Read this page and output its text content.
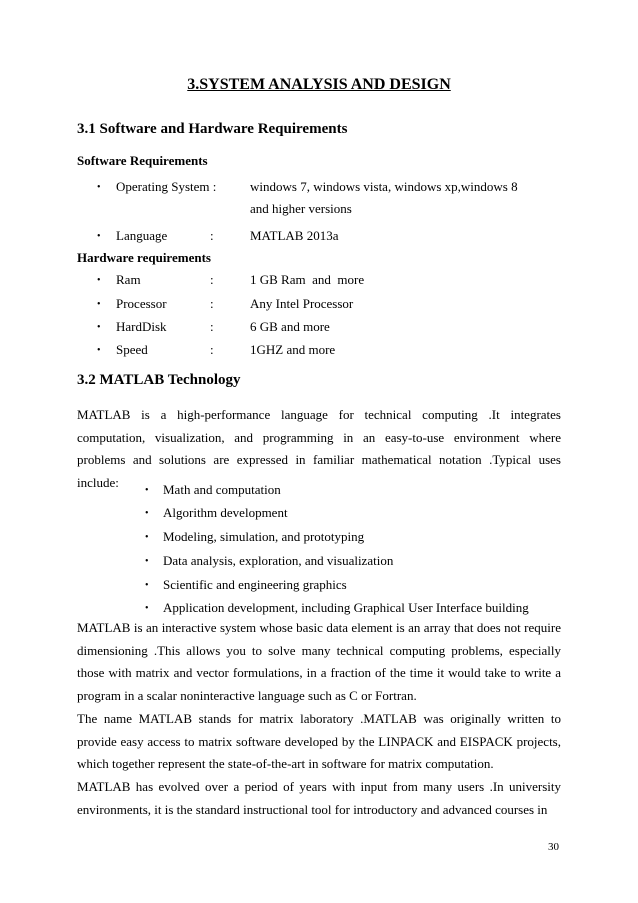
3.SYSTEM ANALYSIS AND DESIGN
3.1 Software and Hardware Requirements
Software Requirements
• Operating System :	windows 7, windows vista, windows xp,windows 8
and higher versions
• Language	:	MATLAB 2013a
Hardware requirements
• Ram	:	1 GB Ram  and  more
• Processor	:	Any Intel Processor
• HardDisk	:	6 GB and more
• Speed	:	1GHZ and more
3.2 MATLAB Technology
MATLAB is a high-performance language for technical computing .It integrates computation, visualization, and programming in an easy-to-use environment where problems and solutions are expressed in familiar mathematical notation .Typical uses include:
• Math and computation
• Algorithm development
• Modeling, simulation, and prototyping
• Data analysis, exploration, and visualization
• Scientific and engineering graphics
• Application development, including Graphical User Interface building
MATLAB is an interactive system whose basic data element is an array that does not require dimensioning .This allows you to solve many technical computing problems, especially those with matrix and vector formulations, in a fraction of the time it would take to write a program in a scalar noninteractive language such as C or Fortran.
The name MATLAB stands for matrix laboratory .MATLAB was originally written to provide easy access to matrix software developed by the LINPACK and EISPACK projects, which together represent the state-of-the-art in software for matrix computation.
MATLAB has evolved over a period of years with input from many users .In university environments, it is the standard instructional tool for introductory and advanced courses in
30
